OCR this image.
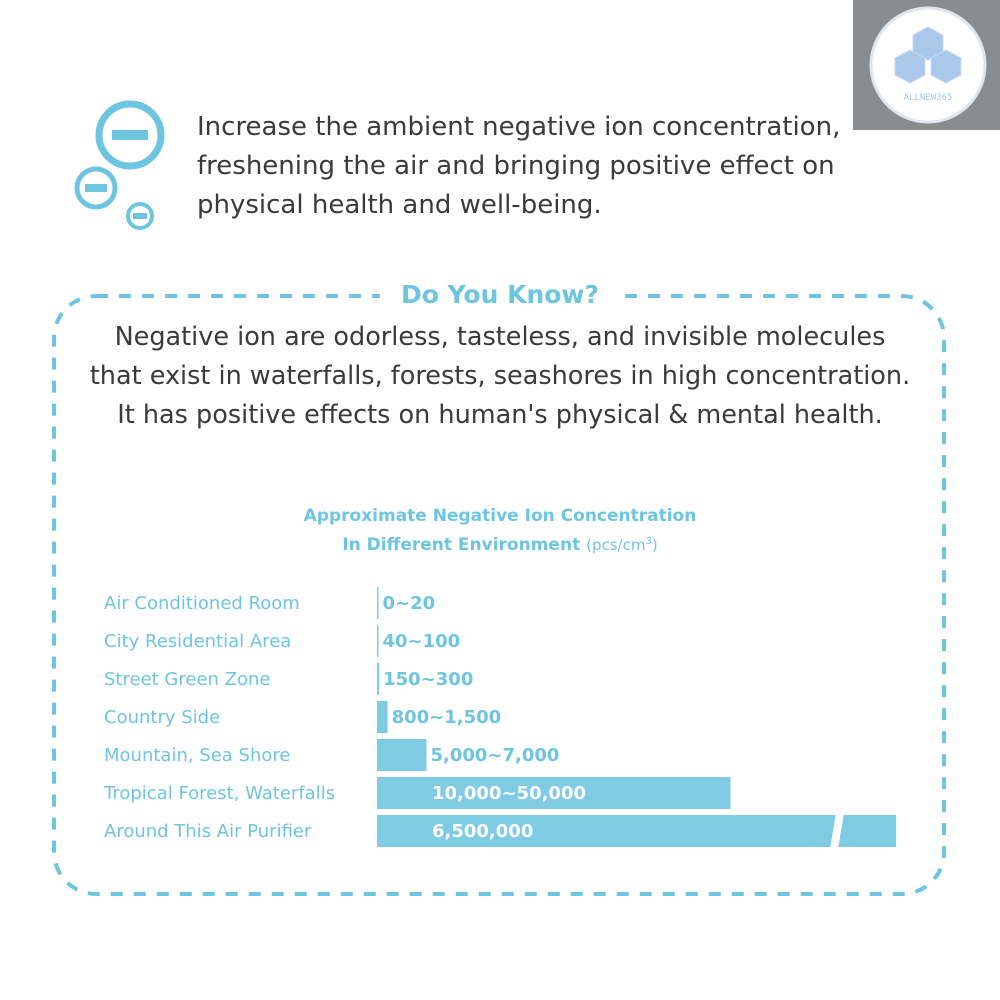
ALLNEW365
Increase the ambient negative ion concentration,
freshening the air and bringing positive effect on
physical health and well-being.
Do You Know?
Negative ion are odorless, tasteless, and invisible molecules
that exist in waterfalls, forests, seashores in high concentration.
It has positive effects on human's physical & mental health.
Approximate Negative Ion Concentration
In Different Environment $(pcs/cm^3)$
Air Conditioned Room	0~20
City Residential Area	40~100
Street Green Zone	150~300
Country Side	800~1,500
Mountain, Sea Shore	5,000~7,000
Tropical Forest, Waterfalls	10,000~50,000
Around This Air Purifier	6,500,000
